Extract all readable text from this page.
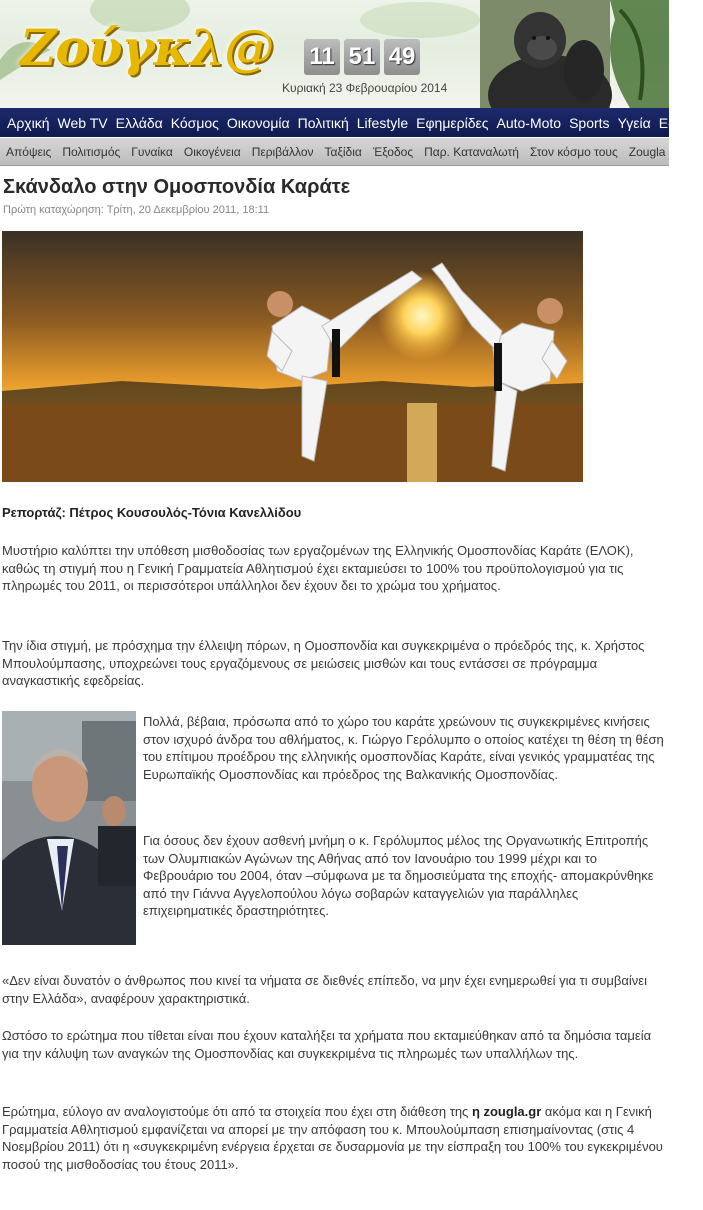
Ζούγκλ@ 11 51 49
Κυριακή 23 Φεβρουαρίου 2014
Αρχική Web TV Ελλάδα Κόσμος Οικονομία Πολιτική Lifestyle Εφημερίδες Auto-Moto Sports Υγεία E-shop
Απόψεις Πολιτισμός Γυναίκα Οικογένεια Περιβάλλον Ταξίδια Έξοδος Παρ. Καταναλωτή Στον κόσμο τους Zougla
Σκάνδαλο στην Ομοσπονδία Καράτε
Πρώτη καταχώρηση: Τρίτη, 20 Δεκεμβρίου 2011, 18:11
Ρεπορτάζ: Πέτρος Κουσουλός-Τόνια Κανελλίδου

Μυστήριο καλύπτει την υπόθεση μισθοδοσίας των εργαζομένων της Ελληνικής Ομοσπονδίας Καράτε (ΕΛΟΚ), καθώς τη στιγμή που η Γενική Γραμματεία Αθλητισμού έχει εκταμιεύσει το 100% του προϋπολογισμού για τις πληρωμές του 2011, οι περισσότεροι υπάλληλοι δεν έχουν δει το χρώμα του χρήματος.

Την ίδια στιγμή, με πρόσχημα την έλλειψη πόρων, η Ομοσπονδία και συγκεκριμένα ο πρόεδρός της, κ. Χρήστος Μπουλούμπασης, υποχρεώνει τους εργαζόμενους σε μειώσεις μισθών και τους εντάσσει σε πρόγραμμα αναγκαστικής εφεδρείας.

Πολλά, βέβαια, πρόσωπα από το χώρο του καράτε χρεώνουν τις συγκεκριμένες κινήσεις στον ισχυρό άνδρα του αθλήματος, κ. Γιώργο Γερόλυμπο ο οποίος κατέχει τη θέση τη θέση του επίτιμου προέδρου της ελληνικής ομοσπονδίας Καράτε, είναι γενικός γραμματέας της Ευρωπαϊκής Ομοσπονδίας και πρόεδρος της Βαλκανικής Ομοσπονδίας.

Για όσους δεν έχουν ασθενή μνήμη ο κ. Γερόλυμπος μέλος της Οργανωτικής Επιτροπής των Ολυμπιακών Αγώνων της Αθήνας από τον Ιανουάριο του 1999 μέχρι και το Φεβρουάριο του 2004, όταν –σύμφωνα με τα δημοσιεύματα της εποχής- απομακρύνθηκε από την Γιάννα Αγγελοπούλου λόγω σοβαρών καταγγελιών για παράλληλες επιχειρηματικές δραστηριότητες.

«Δεν είναι δυνατόν ο άνθρωπος που κινεί τα νήματα σε διεθνές επίπεδο, να μην έχει ενημερωθεί για τι συμβαίνει στην Ελλάδα», αναφέρουν χαρακτηριστικά.

Ωστόσο το ερώτημα που τίθεται είναι που έχουν καταλήξει τα χρήματα που εκταμιεύθηκαν από τα δημόσια ταμεία για την κάλυψη των αναγκών της Ομοσπονδίας και συγκεκριμένα τις πληρωμές των υπαλλήλων της.

Ερώτημα, εύλογο αν αναλογιστούμε ότι από τα στοιχεία που έχει στη διάθεση της η zougla.gr ακόμα και η Γενική Γραμματεία Αθλητισμού εμφανίζεται να απορεί με την απόφαση του κ. Μπουλούμπαση επισημαίνοντας (στις 4 Νοεμβρίου 2011) ότι η «συγκεκριμένη ενέργεια έρχεται σε δυσαρμονία με την είσπραξη του 100% του εγκεκριμένου ποσού της μισθοδοσίας του έτους 2011».
